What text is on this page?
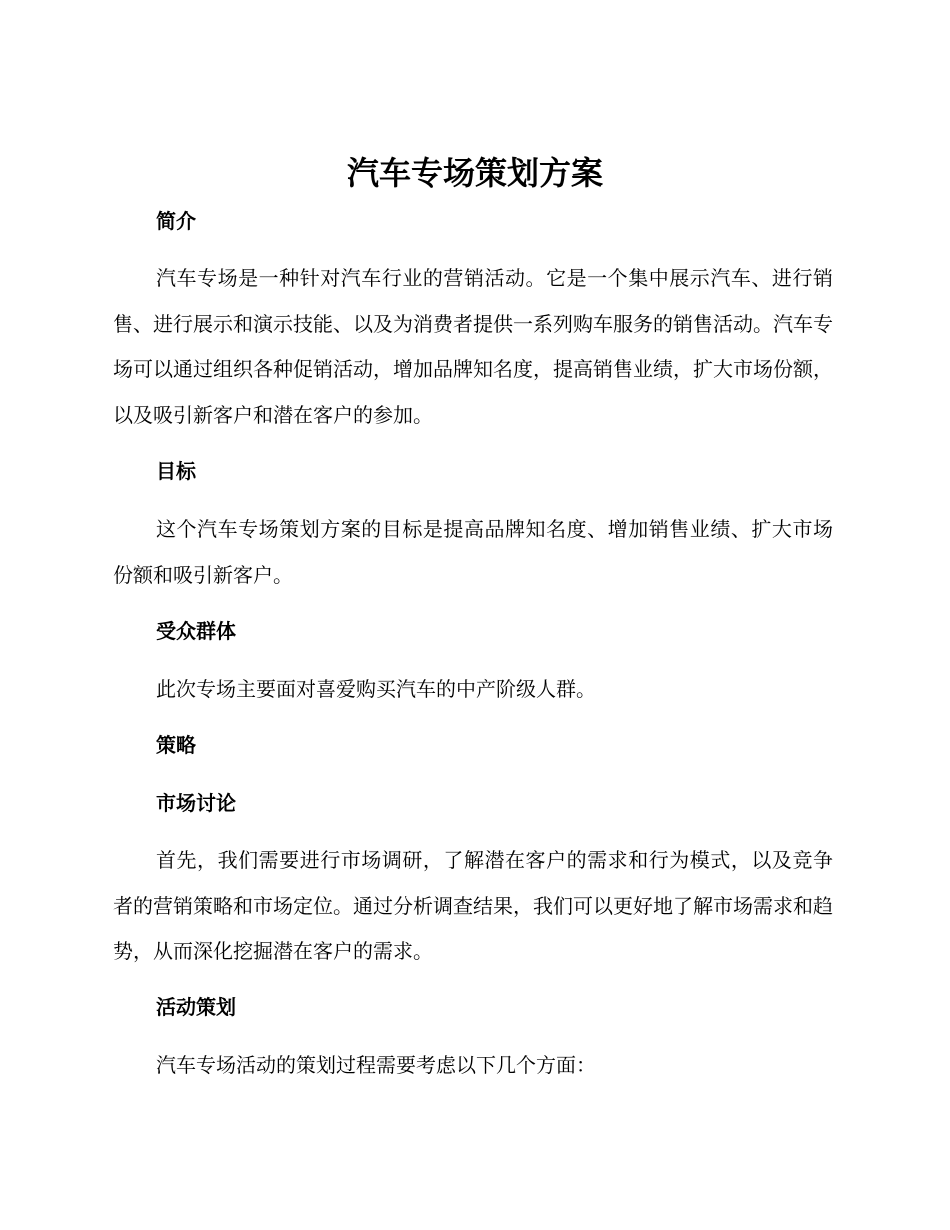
汽车专场策划方案
简介

汽车专场是一种针对汽车行业的营销活动。它是一个集中展示汽车、进行销售、进行展示和演示技能、以及为消费者提供一系列购车服务的销售活动。汽车专场可以通过组织各种促销活动，增加品牌知名度，提高销售业绩，扩大市场份额，以及吸引新客户和潜在客户的参加。

目标

这个汽车专场策划方案的目标是提高品牌知名度、增加销售业绩、扩大市场份额和吸引新客户。

受众群体

此次专场主要面对喜爱购买汽车的中产阶级人群。

策略
市场讨论

首先，我们需要进行市场调研，了解潜在客户的需求和行为模式，以及竞争者的营销策略和市场定位。通过分析调查结果，我们可以更好地了解市场需求和趋势，从而深化挖掘潜在客户的需求。

活动策划

汽车专场活动的策划过程需要考虑以下几个方面：
